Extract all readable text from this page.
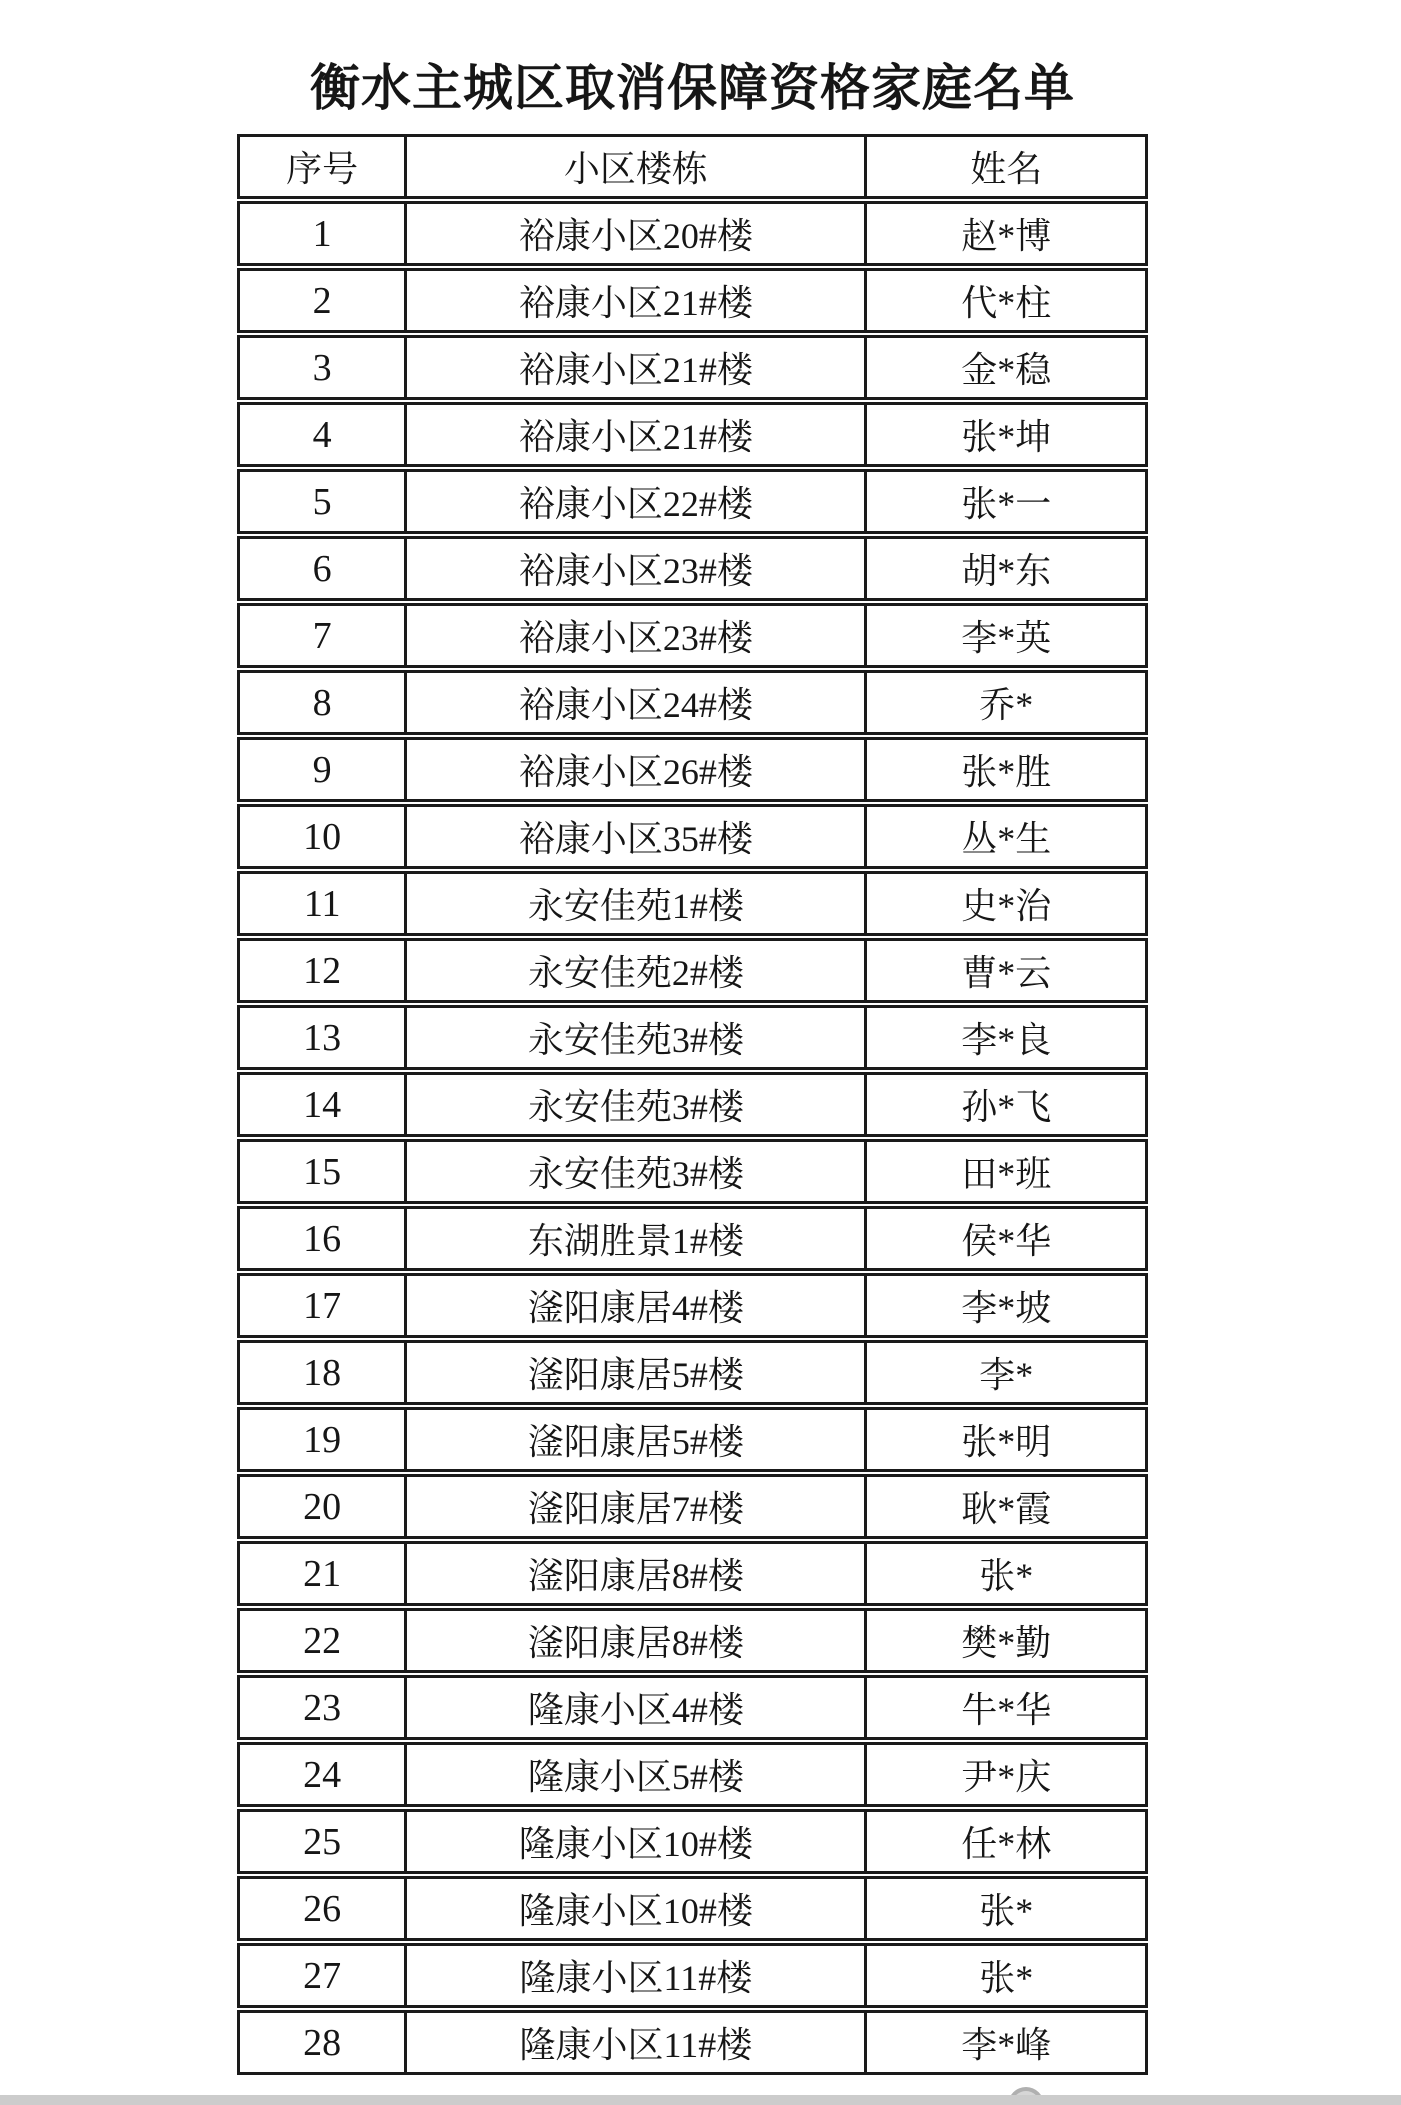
衡水主城区取消保障资格家庭名单
序号	小区楼栋	姓名
1	裕康小区20#楼	赵*博
2	裕康小区21#楼	代*柱
3	裕康小区21#楼	金*稳
4	裕康小区21#楼	张*坤
5	裕康小区22#楼	张*一
6	裕康小区23#楼	胡*东
7	裕康小区23#楼	李*英
8	裕康小区24#楼	乔*
9	裕康小区26#楼	张*胜
10	裕康小区35#楼	丛*生
11	永安佳苑1#楼	史*治
12	永安佳苑2#楼	曹*云
13	永安佳苑3#楼	李*良
14	永安佳苑3#楼	孙*飞
15	永安佳苑3#楼	田*班
16	东湖胜景1#楼	侯*华
17	滏阳康居4#楼	李*坡
18	滏阳康居5#楼	李*
19	滏阳康居5#楼	张*明
20	滏阳康居7#楼	耿*霞
21	滏阳康居8#楼	张*
22	滏阳康居8#楼	樊*勤
23	隆康小区4#楼	牛*华
24	隆康小区5#楼	尹*庆
25	隆康小区10#楼	任*林
26	隆康小区10#楼	张*
27	隆康小区11#楼	张*
28	隆康小区11#楼	李*峰
